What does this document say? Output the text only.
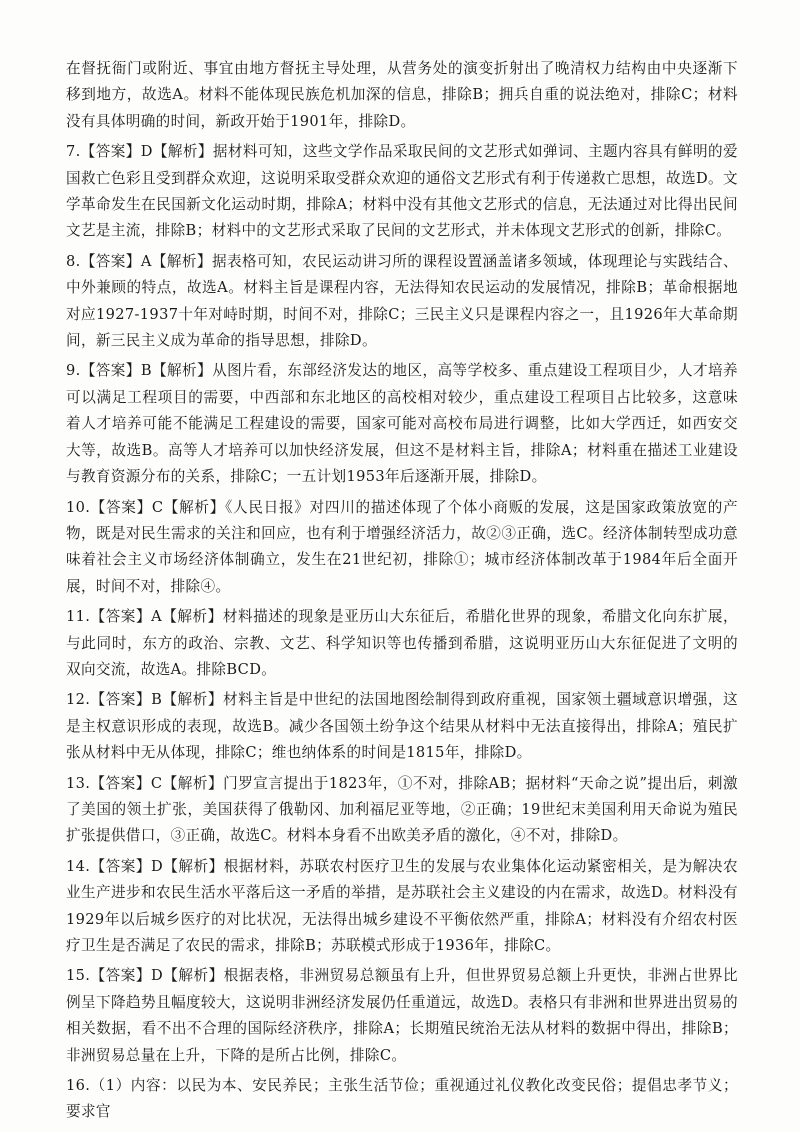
在督抚衙门或附近、事宜由地方督抚主导处理，从营务处的演变折射出了晚清权力结构由中央逐渐下移到地方，故选A。材料不能体现民族危机加深的信息，排除B；拥兵自重的说法绝对，排除C；材料没有具体明确的时间，新政开始于1901年，排除D。

7.【答案】D【解析】据材料可知，这些文学作品采取民间的文艺形式如弹词、主题内容具有鲜明的爱国救亡色彩且受到群众欢迎，这说明采取受群众欢迎的通俗文艺形式有利于传递救亡思想，故选D。文学革命发生在民国新文化运动时期，排除A；材料中没有其他文艺形式的信息，无法通过对比得出民间文艺是主流，排除B；材料中的文艺形式采取了民间的文艺形式，并未体现文艺形式的创新，排除C。

8.【答案】A【解析】据表格可知，农民运动讲习所的课程设置涵盖诸多领域，体现理论与实践结合、中外兼顾的特点，故选A。材料主旨是课程内容，无法得知农民运动的发展情况，排除B；革命根据地对应1927-1937十年对峙时期，时间不对，排除C；三民主义只是课程内容之一，且1926年大革命期间，新三民主义成为革命的指导思想，排除D。

9.【答案】B【解析】从图片看，东部经济发达的地区，高等学校多、重点建设工程项目少，人才培养可以满足工程项目的需要，中西部和东北地区的高校相对较少，重点建设工程项目占比较多，这意味着人才培养可能不能满足工程建设的需要，国家可能对高校布局进行调整，比如大学西迁，如西安交大等，故选B。高等人才培养可以加快经济发展，但这不是材料主旨，排除A；材料重在描述工业建设与教育资源分布的关系，排除C；一五计划1953年后逐渐开展，排除D。

10.【答案】C【解析】《人民日报》对四川的描述体现了个体小商贩的发展，这是国家政策放宽的产物，既是对民生需求的关注和回应，也有利于增强经济活力，故②③正确，选C。经济体制转型成功意味着社会主义市场经济体制确立，发生在21世纪初，排除①；城市经济体制改革于1984年后全面开展，时间不对，排除④。

11.【答案】A【解析】材料描述的现象是亚历山大东征后，希腊化世界的现象，希腊文化向东扩展，与此同时，东方的政治、宗教、文艺、科学知识等也传播到希腊，这说明亚历山大东征促进了文明的双向交流，故选A。排除BCD。

12.【答案】B【解析】材料主旨是中世纪的法国地图绘制得到政府重视，国家领土疆域意识增强，这是主权意识形成的表现，故选B。减少各国领土纷争这个结果从材料中无法直接得出，排除A；殖民扩张从材料中无从体现，排除C；维也纳体系的时间是1815年，排除D。

13.【答案】C【解析】门罗宣言提出于1823年，①不对，排除AB；据材料“天命之说”提出后，刺激了美国的领土扩张，美国获得了俄勒冈、加利福尼亚等地，②正确；19世纪末美国利用天命说为殖民扩张提供借口，③正确，故选C。材料本身看不出欧美矛盾的激化，④不对，排除D。

14.【答案】D【解析】根据材料，苏联农村医疗卫生的发展与农业集体化运动紧密相关，是为解决农业生产进步和农民生活水平落后这一矛盾的举措，是苏联社会主义建设的内在需求，故选D。材料没有1929年以后城乡医疗的对比状况，无法得出城乡建设不平衡依然严重，排除A；材料没有介绍农村医疗卫生是否满足了农民的需求，排除B；苏联模式形成于1936年，排除C。

15.【答案】D【解析】根据表格，非洲贸易总额虽有上升，但世界贸易总额上升更快，非洲占世界比例呈下降趋势且幅度较大，这说明非洲经济发展仍任重道远，故选D。表格只有非洲和世界进出贸易的相关数据，看不出不合理的国际经济秩序，排除A；长期殖民统治无法从材料的数据中得出，排除B；非洲贸易总量在上升，下降的是所占比例，排除C。

16.（1）内容：以民为本、安民养民；主张生活节俭；重视通过礼仪教化改变民俗；提倡忠孝节义；要求官
